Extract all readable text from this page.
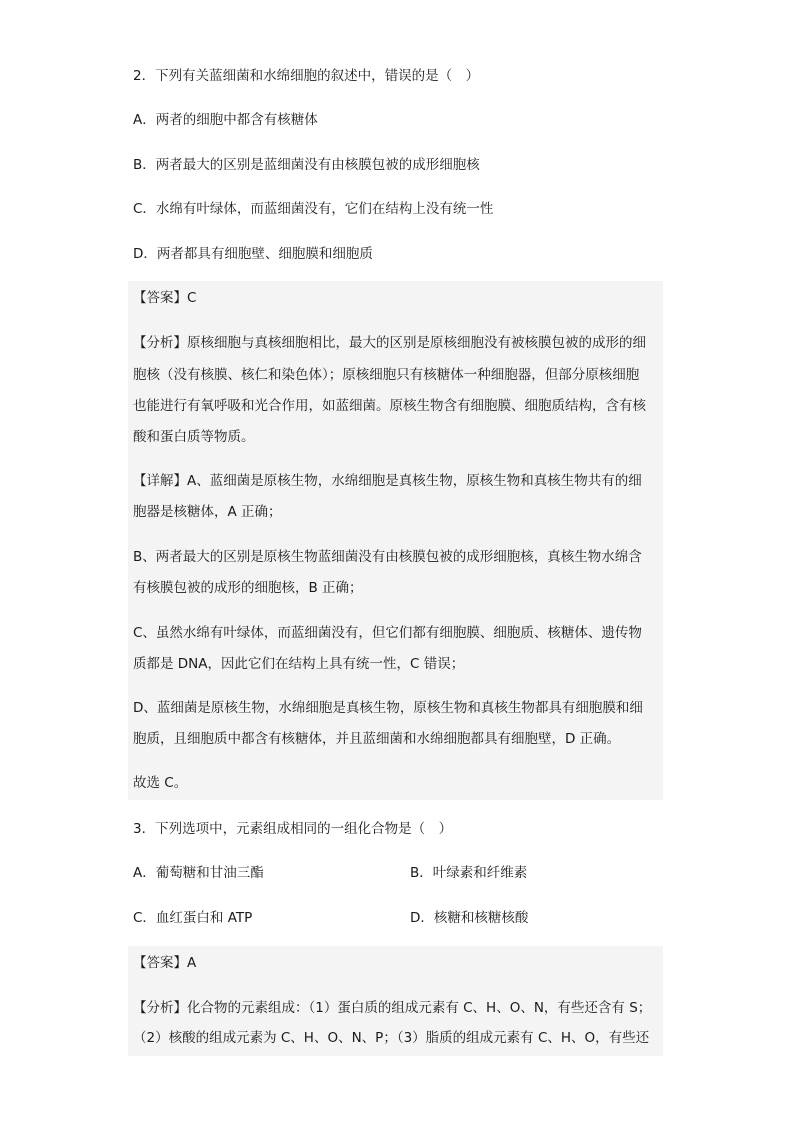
2．下列有关蓝细菌和水绵细胞的叙述中，错误的是（　）
A．两者的细胞中都含有核糖体
B．两者最大的区别是蓝细菌没有由核膜包被的成形细胞核
C．水绵有叶绿体，而蓝细菌没有，它们在结构上没有统一性
D．两者都具有细胞壁、细胞膜和细胞质
【答案】C
【分析】原核细胞与真核细胞相比，最大的区别是原核细胞没有被核膜包被的成形的细
胞核（没有核膜、核仁和染色体）；原核细胞只有核糖体一种细胞器，但部分原核细胞
也能进行有氧呼吸和光合作用，如蓝细菌。原核生物含有细胞膜、细胞质结构，含有核
酸和蛋白质等物质。
【详解】A、蓝细菌是原核生物，水绵细胞是真核生物，原核生物和真核生物共有的细
胞器是核糖体，A 正确；
B、两者最大的区别是原核生物蓝细菌没有由核膜包被的成形细胞核，真核生物水绵含
有核膜包被的成形的细胞核，B 正确；
C、虽然水绵有叶绿体，而蓝细菌没有，但它们都有细胞膜、细胞质、核糖体、遗传物
质都是 DNA，因此它们在结构上具有统一性，C 错误；
D、蓝细菌是原核生物，水绵细胞是真核生物，原核生物和真核生物都具有细胞膜和细
胞质，且细胞质中都含有核糖体，并且蓝细菌和水绵细胞都具有细胞壁，D 正确。
故选 C。
3．下列选项中，元素组成相同的一组化合物是（　）
A．葡萄糖和甘油三酯	B．叶绿素和纤维素
C．血红蛋白和 ATP	D．核糖和核糖核酸
【答案】A
【分析】化合物的元素组成：（1）蛋白质的组成元素有 C、H、O、N，有些还含有 S；
（2）核酸的组成元素为 C、H、O、N、P；（3）脂质的组成元素有 C、H、O，有些还
